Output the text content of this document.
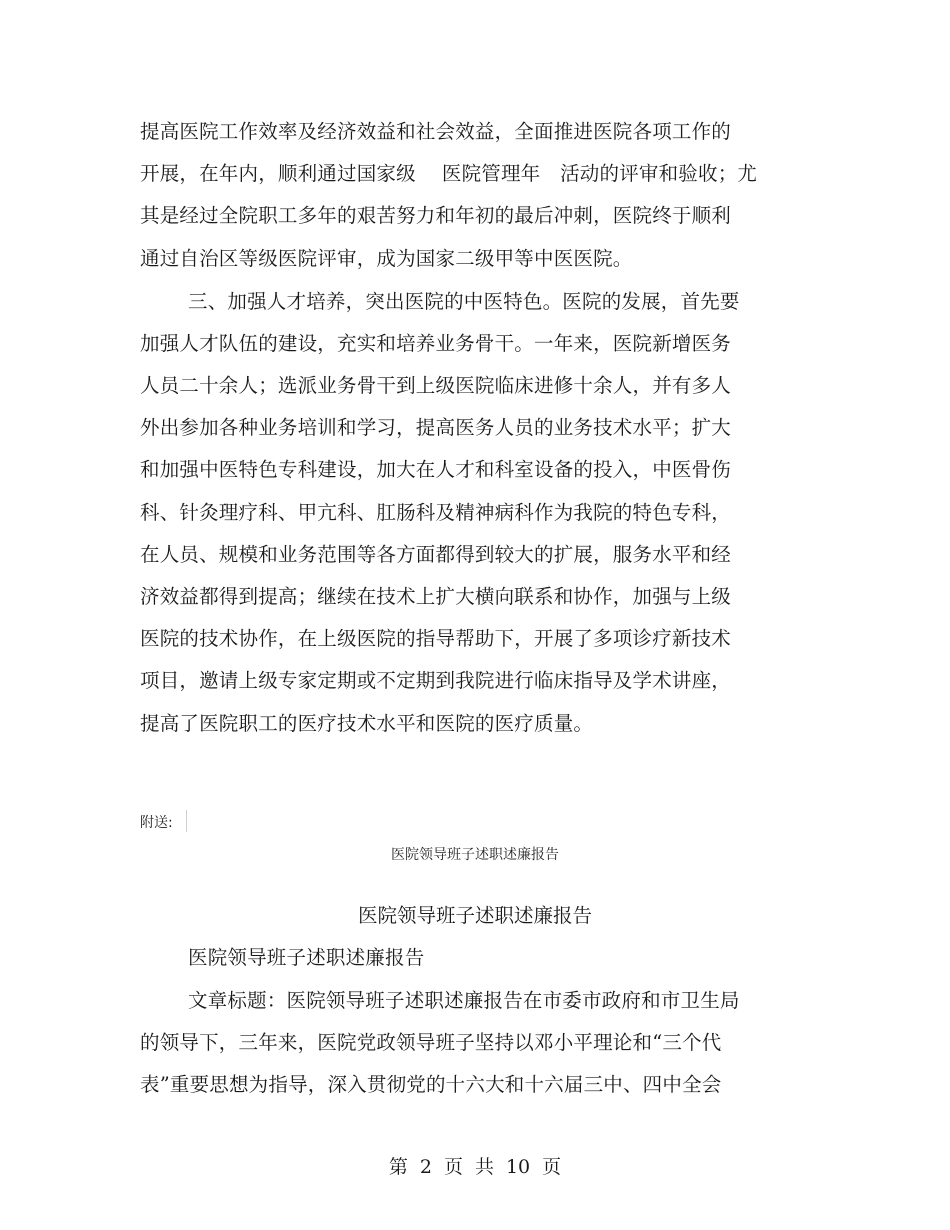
提高医院工作效率及经济效益和社会效益，全面推进医院各项工作的
开展，在年内，顺利通过国家级　 医院管理年　活动的评审和验收；尤
其是经过全院职工多年的艰苦努力和年初的最后冲刺，医院终于顺利
通过自治区等级医院评审，成为国家二级甲等中医医院。
三、加强人才培养，突出医院的中医特色。医院的发展，首先要
加强人才队伍的建设，充实和培养业务骨干。一年来，医院新增医务
人员二十余人；选派业务骨干到上级医院临床进修十余人，并有多人
外出参加各种业务培训和学习，提高医务人员的业务技术水平；扩大
和加强中医特色专科建设，加大在人才和科室设备的投入，中医骨伤
科、针灸理疗科、甲亢科、肛肠科及精神病科作为我院的特色专科，
在人员、规模和业务范围等各方面都得到较大的扩展，服务水平和经
济效益都得到提高；继续在技术上扩大横向联系和协作，加强与上级
医院的技术协作，在上级医院的指导帮助下，开展了多项诊疗新技术
项目，邀请上级专家定期或不定期到我院进行临床指导及学术讲座，
提高了医院职工的医疗技术水平和医院的医疗质量。
附送:
医院领导班子述职述廉报告
医院领导班子述职述廉报告
医院领导班子述职述廉报告
文章标题：医院领导班子述职述廉报告在市委市政府和市卫生局
的领导下，三年来，医院党政领导班子坚持以邓小平理论和“三个代
表”重要思想为指导，深入贯彻党的十六大和十六届三中、四中全会
第 2 页 共 10 页
